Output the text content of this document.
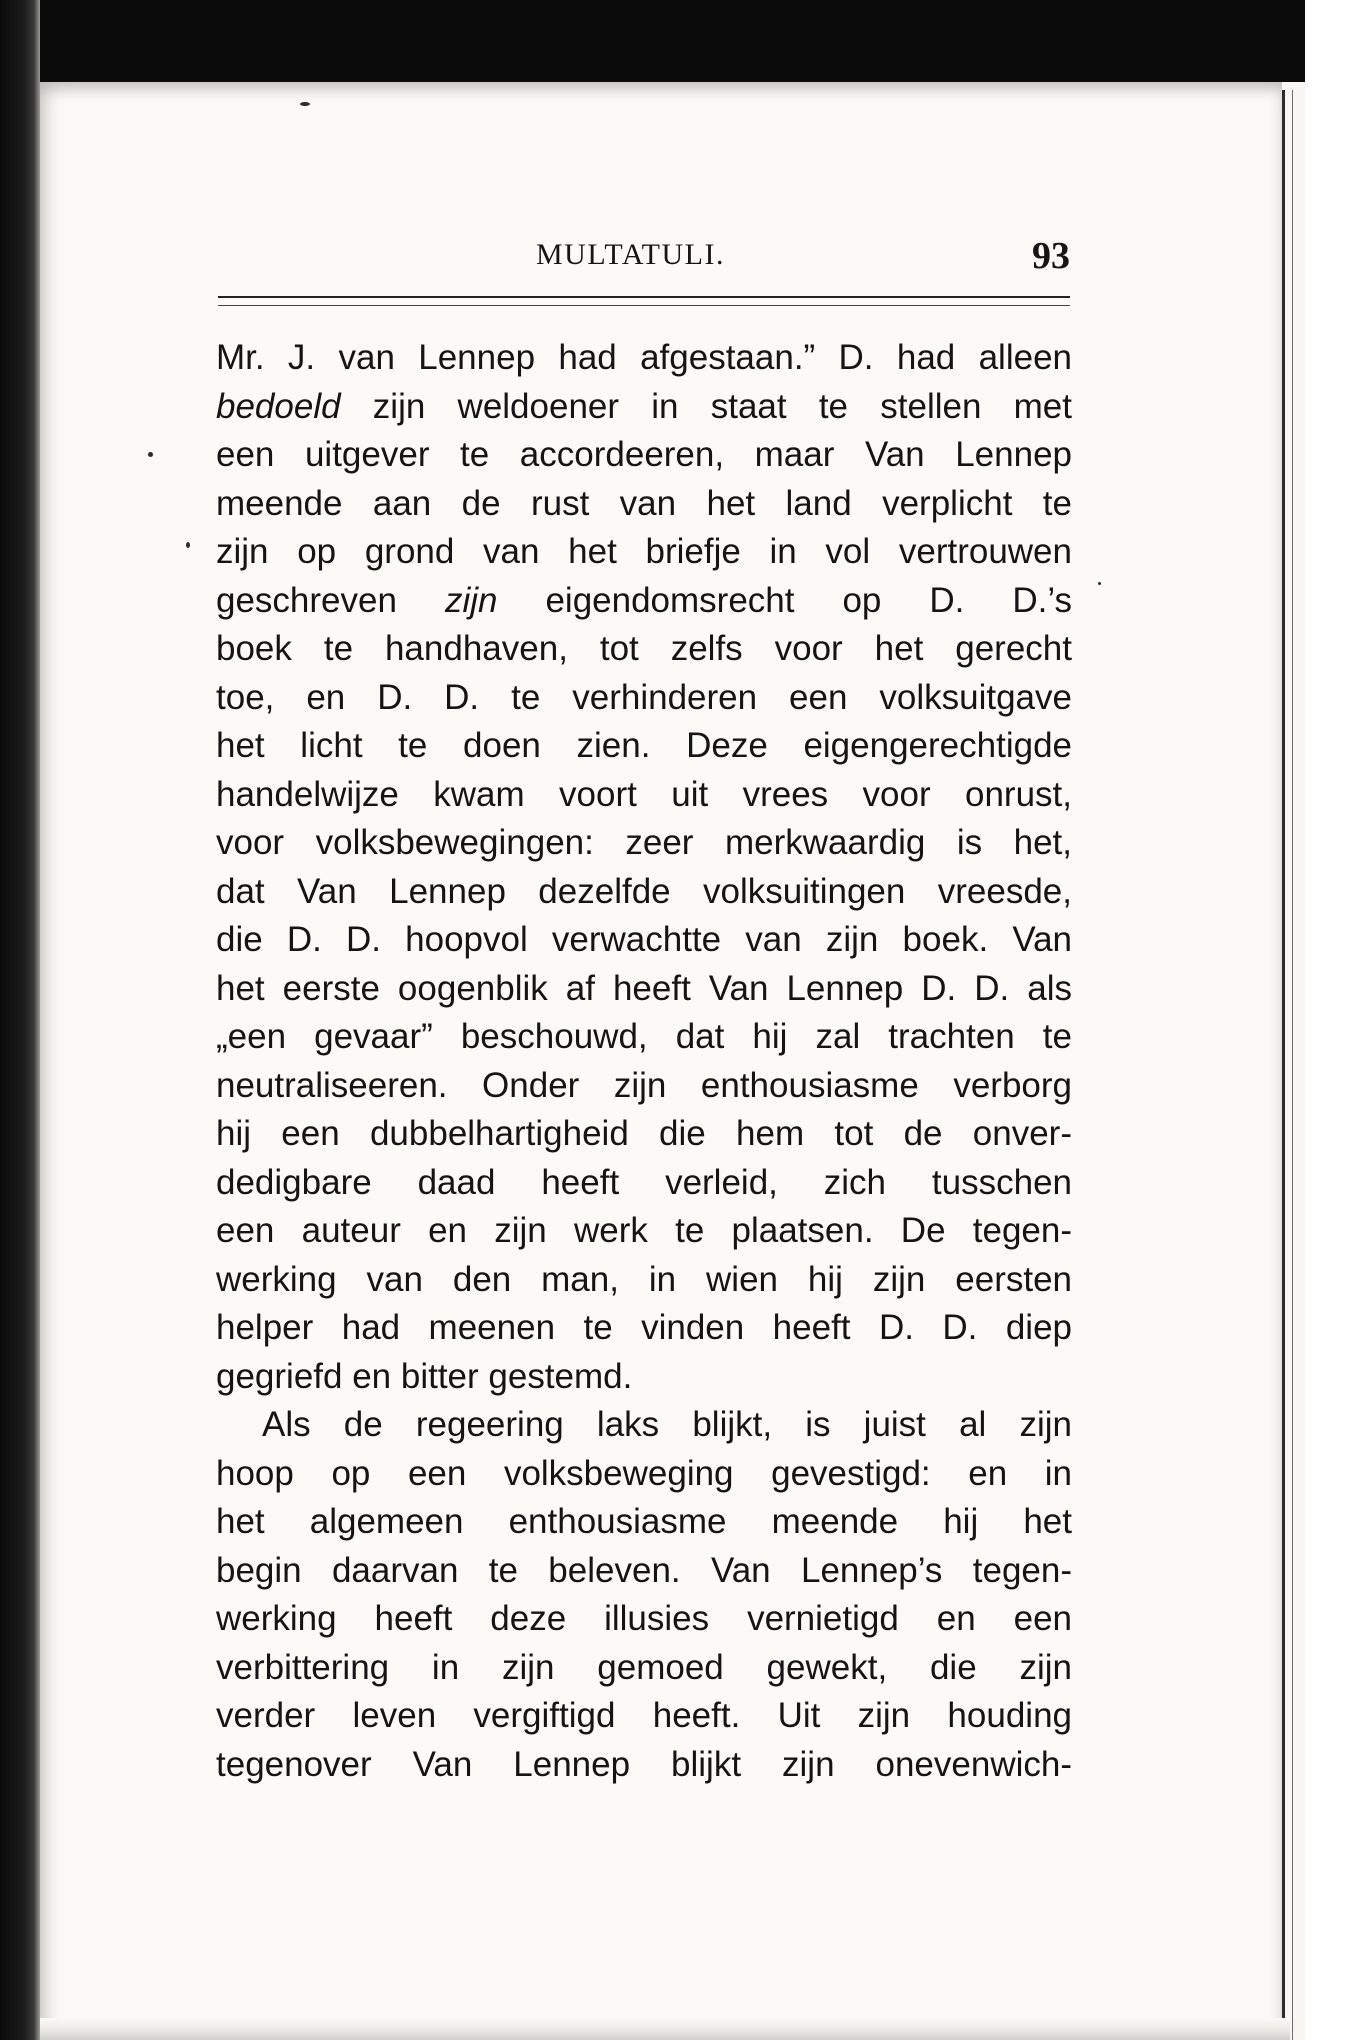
MULTATULI.	93
Mr. J. van Lennep had afgestaan.” D. had alleen
bedoeld zijn weldoener in staat te stellen met
een uitgever te accordeeren, maar Van Lennep
meende aan de rust van het land verplicht te
zijn op grond van het briefje in vol vertrouwen
geschreven zijn eigendomsrecht op D. D.’s
boek te handhaven, tot zelfs voor het gerecht
toe, en D. D. te verhinderen een volksuitgave
het licht te doen zien. Deze eigengerechtigde
handelwijze kwam voort uit vrees voor onrust,
voor volksbewegingen: zeer merkwaardig is het,
dat Van Lennep dezelfde volksuitingen vreesde,
die D. D. hoopvol verwachtte van zijn boek. Van
het eerste oogenblik af heeft Van Lennep D. D. als
„een gevaar” beschouwd, dat hij zal trachten te
neutraliseeren. Onder zijn enthousiasme verborg
hij een dubbelhartigheid die hem tot de onver-
dedigbare daad heeft verleid, zich tusschen
een auteur en zijn werk te plaatsen. De tegen-
werking van den man, in wien hij zijn eersten
helper had meenen te vinden heeft D. D. diep
gegriefd en bitter gestemd.
Als de regeering laks blijkt, is juist al zijn
hoop op een volksbeweging gevestigd: en in
het algemeen enthousiasme meende hij het
begin daarvan te beleven. Van Lennep’s tegen-
werking heeft deze illusies vernietigd en een
verbittering in zijn gemoed gewekt, die zijn
verder leven vergiftigd heeft. Uit zijn houding
tegenover Van Lennep blijkt zijn onevenwich-
